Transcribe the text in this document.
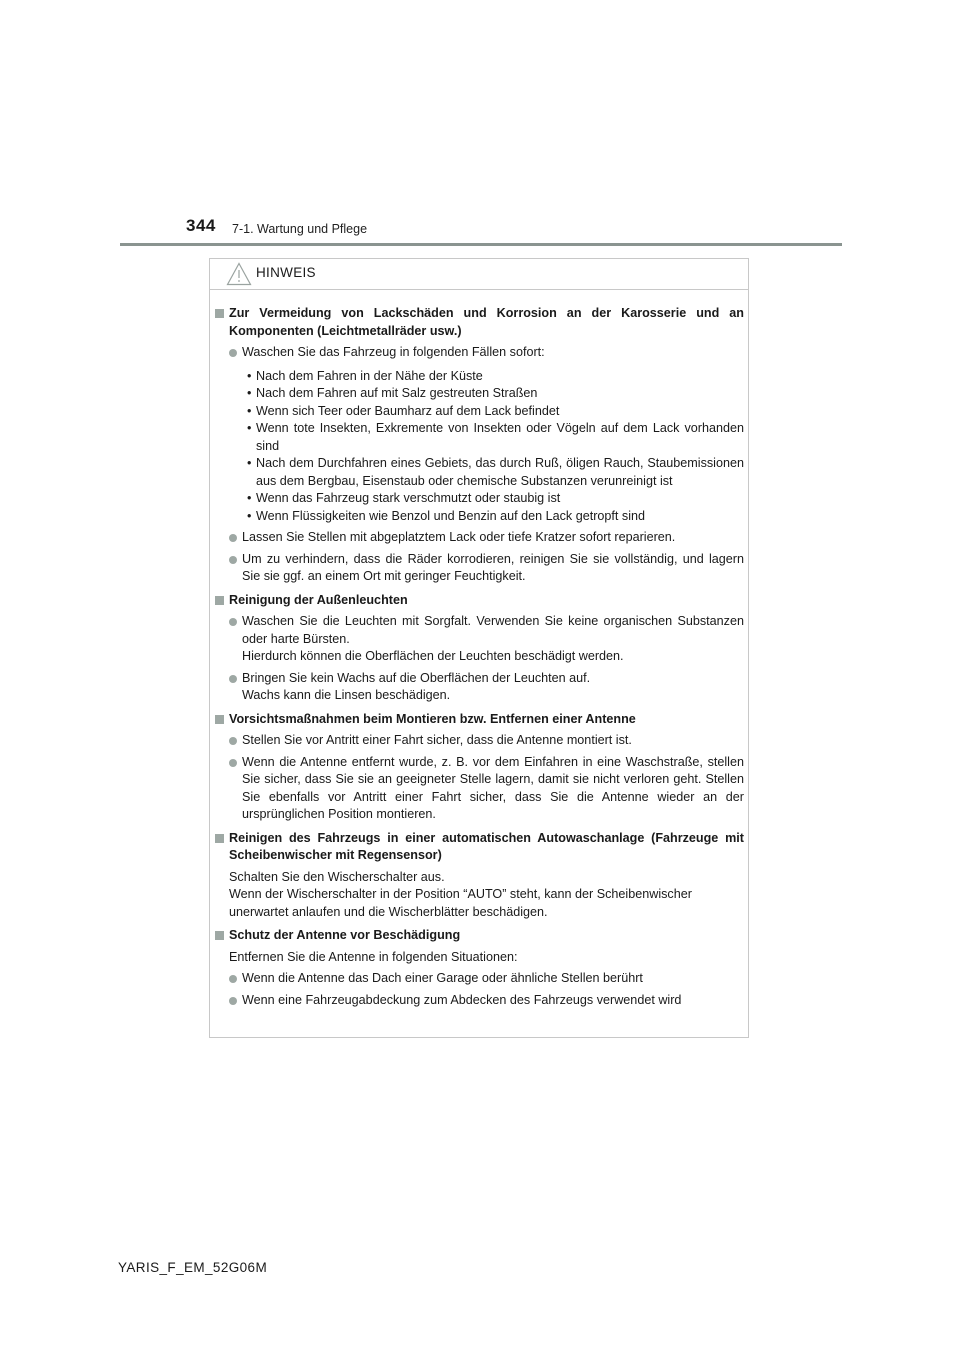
344 7-1. Wartung und Pflege
HINWEIS
Zur Vermeidung von Lackschäden und Korrosion an der Karosserie und an Komponenten (Leichtmetallräder usw.)
Waschen Sie das Fahrzeug in folgenden Fällen sofort:
• Nach dem Fahren in der Nähe der Küste
• Nach dem Fahren auf mit Salz gestreuten Straßen
• Wenn sich Teer oder Baumharz auf dem Lack befindet
• Wenn tote Insekten, Exkremente von Insekten oder Vögeln auf dem Lack vorhanden sind
• Nach dem Durchfahren eines Gebiets, das durch Ruß, öligen Rauch, Staubemissionen aus dem Bergbau, Eisenstaub oder chemische Substanzen verunreinigt ist
• Wenn das Fahrzeug stark verschmutzt oder staubig ist
• Wenn Flüssigkeiten wie Benzol und Benzin auf den Lack getropft sind
Lassen Sie Stellen mit abgeplatztem Lack oder tiefe Kratzer sofort reparieren.
Um zu verhindern, dass die Räder korrodieren, reinigen Sie sie vollständig, und lagern Sie sie ggf. an einem Ort mit geringer Feuchtigkeit.
Reinigung der Außenleuchten
Waschen Sie die Leuchten mit Sorgfalt. Verwenden Sie keine organischen Substanzen oder harte Bürsten.
Hierdurch können die Oberflächen der Leuchten beschädigt werden.
Bringen Sie kein Wachs auf die Oberflächen der Leuchten auf.
Wachs kann die Linsen beschädigen.
Vorsichtsmaßnahmen beim Montieren bzw. Entfernen einer Antenne
Stellen Sie vor Antritt einer Fahrt sicher, dass die Antenne montiert ist.
Wenn die Antenne entfernt wurde, z. B. vor dem Einfahren in eine Waschstraße, stellen Sie sicher, dass Sie sie an geeigneter Stelle lagern, damit sie nicht verloren geht. Stellen Sie ebenfalls vor Antritt einer Fahrt sicher, dass Sie die Antenne wieder an der ursprünglichen Position montieren.
Reinigen des Fahrzeugs in einer automatischen Autowaschanlage (Fahrzeuge mit Scheibenwischer mit Regensensor)
Schalten Sie den Wischerschalter aus.
Wenn der Wischerschalter in der Position “AUTO” steht, kann der Scheibenwischer unerwartet anlaufen und die Wischerblätter beschädigen.
Schutz der Antenne vor Beschädigung
Entfernen Sie die Antenne in folgenden Situationen:
Wenn die Antenne das Dach einer Garage oder ähnliche Stellen berührt
Wenn eine Fahrzeugabdeckung zum Abdecken des Fahrzeugs verwendet wird
YARIS_F_EM_52G06M
